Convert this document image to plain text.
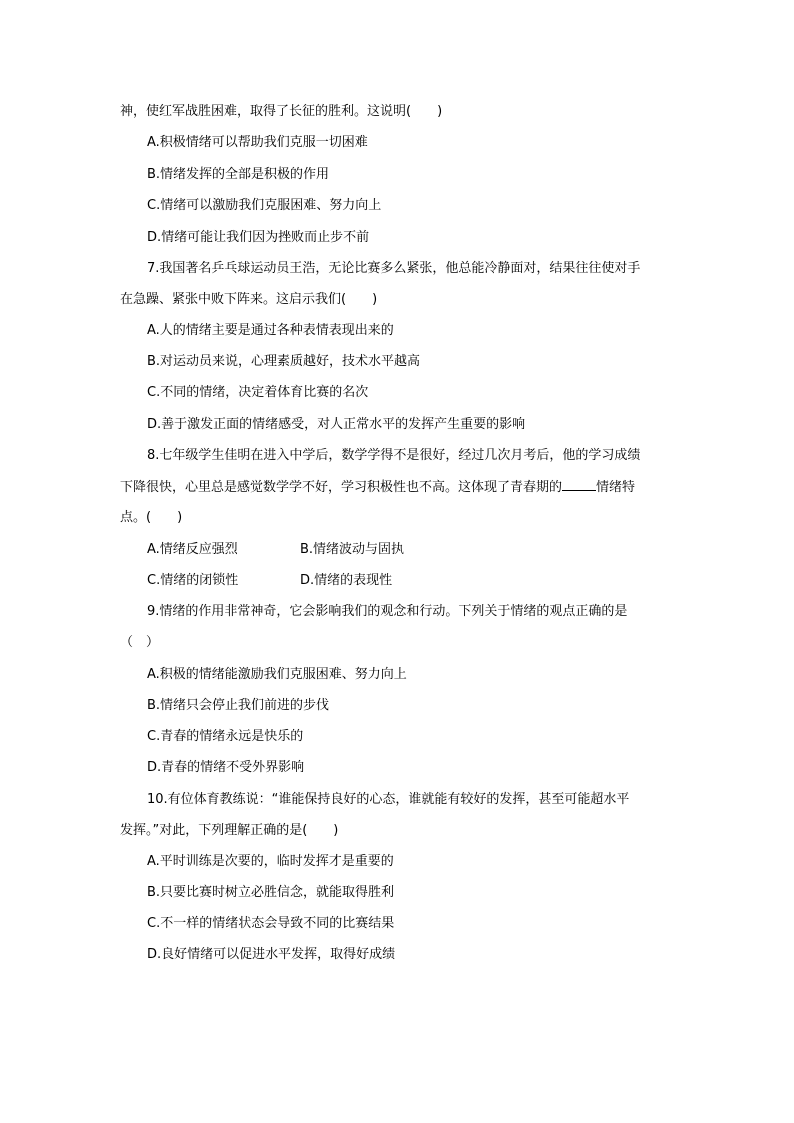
神，使红军战胜困难，取得了长征的胜利。这说明(　　)
A.积极情绪可以帮助我们克服一切困难
B.情绪发挥的全部是积极的作用
C.情绪可以激励我们克服困难、努力向上
D.情绪可能让我们因为挫败而止步不前
7.我国著名乒乓球运动员王浩，无论比赛多么紧张，他总能冷静面对，结果往往使对手
在急躁、紧张中败下阵来。这启示我们(　　)
A.人的情绪主要是通过各种表情表现出来的
B.对运动员来说，心理素质越好，技术水平越高
C.不同的情绪，决定着体育比赛的名次
D.善于激发正面的情绪感受，对人正常水平的发挥产生重要的影响
8.七年级学生佳明在进入中学后，数学学得不是很好，经过几次月考后，他的学习成绩
下降很快，心里总是感觉数学学不好，学习积极性也不高。这体现了青春期的	情绪特
点。(　　)
A.情绪反应强烈	B.情绪波动与固执
C.情绪的闭锁性	D.情绪的表现性
9.情绪的作用非常神奇，它会影响我们的观念和行动。下列关于情绪的观点正确的是
（　）
A.积极的情绪能激励我们克服困难、努力向上
B.情绪只会停止我们前进的步伐
C.青春的情绪永远是快乐的
D.青春的情绪不受外界影响
10.有位体育教练说：“谁能保持良好的心态，谁就能有较好的发挥，甚至可能超水平
发挥。”对此，下列理解正确的是(　　)
A.平时训练是次要的，临时发挥才是重要的
B.只要比赛时树立必胜信念，就能取得胜利
C.不一样的情绪状态会导致不同的比赛结果
D.良好情绪可以促进水平发挥，取得好成绩
